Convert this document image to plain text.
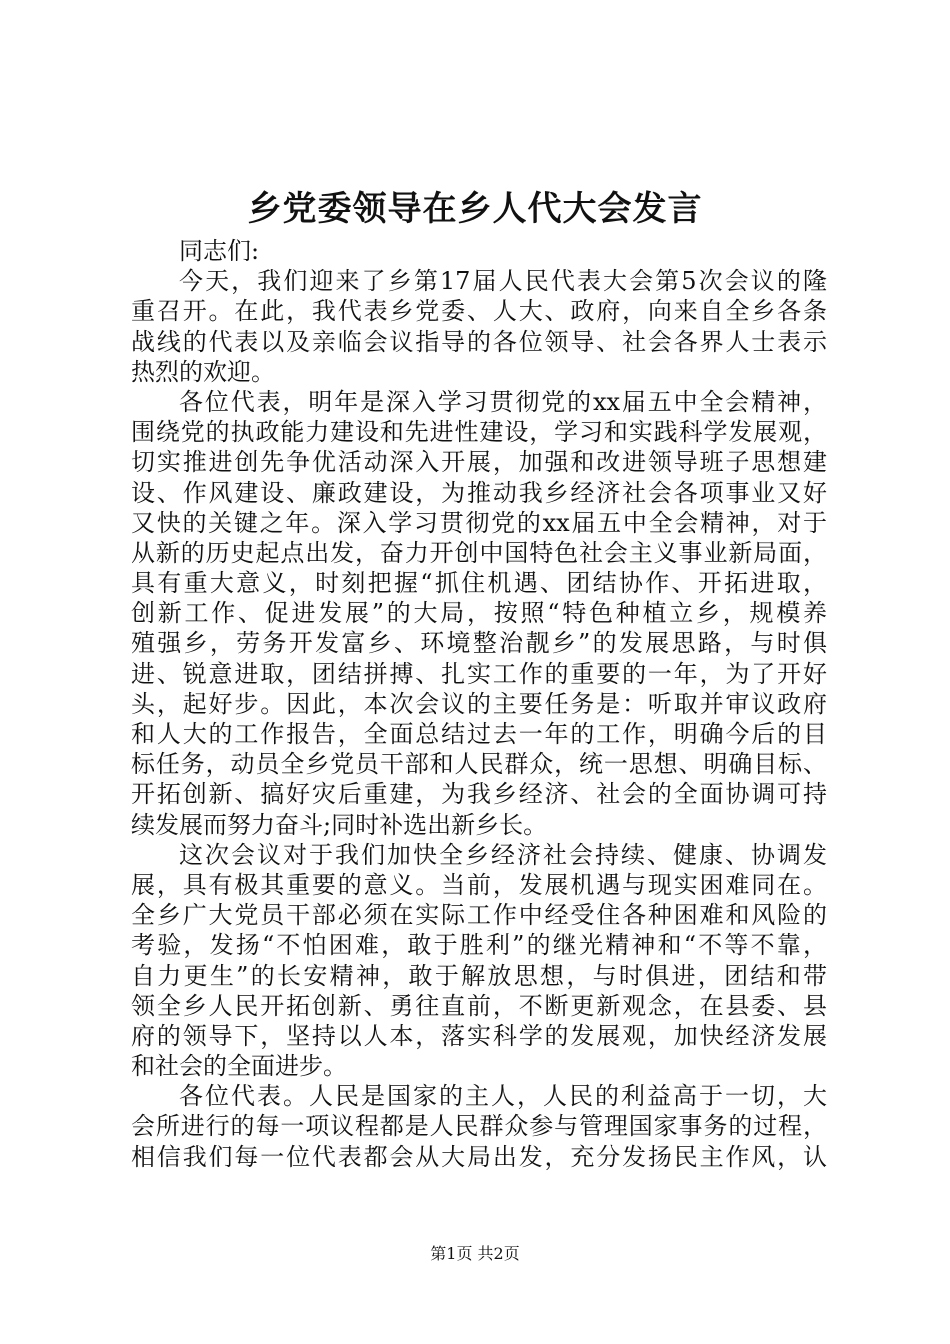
乡党委领导在乡人代大会发言
同志们:
今天，我们迎来了乡第17届人民代表大会第5次会议的隆
重召开。在此，我代表乡党委、人大、政府，向来自全乡各条
战线的代表以及亲临会议指导的各位领导、社会各界人士表示
热烈的欢迎。
各位代表，明年是深入学习贯彻党的xx届五中全会精神，
围绕党的执政能力建设和先进性建设，学习和实践科学发展观，
切实推进创先争优活动深入开展，加强和改进领导班子思想建
设、作风建设、廉政建设，为推动我乡经济社会各项事业又好
又快的关键之年。深入学习贯彻党的xx届五中全会精神，对于
从新的历史起点出发，奋力开创中国特色社会主义事业新局面，
具有重大意义，时刻把握“抓住机遇、团结协作、开拓进取，
创新工作、促进发展”的大局，按照“特色种植立乡，规模养
殖强乡，劳务开发富乡、环境整治靓乡”的发展思路，与时俱
进、锐意进取，团结拼搏、扎实工作的重要的一年，为了开好
头，起好步。因此，本次会议的主要任务是：听取并审议政府
和人大的工作报告，全面总结过去一年的工作，明确今后的目
标任务，动员全乡党员干部和人民群众，统一思想、明确目标、
开拓创新、搞好灾后重建，为我乡经济、社会的全面协调可持
续发展而努力奋斗;同时补选出新乡长。
这次会议对于我们加快全乡经济社会持续、健康、协调发
展，具有极其重要的意义。当前，发展机遇与现实困难同在。
全乡广大党员干部必须在实际工作中经受住各种困难和风险的
考验，发扬“不怕困难，敢于胜利”的继光精神和“不等不靠，
自力更生”的长安精神，敢于解放思想，与时俱进，团结和带
领全乡人民开拓创新、勇往直前，不断更新观念，在县委、县
府的领导下，坚持以人本，落实科学的发展观，加快经济发展
和社会的全面进步。
各位代表。人民是国家的主人，人民的利益高于一切，大
会所进行的每一项议程都是人民群众参与管理国家事务的过程，
相信我们每一位代表都会从大局出发，充分发扬民主作风，认
第1页 共2页
